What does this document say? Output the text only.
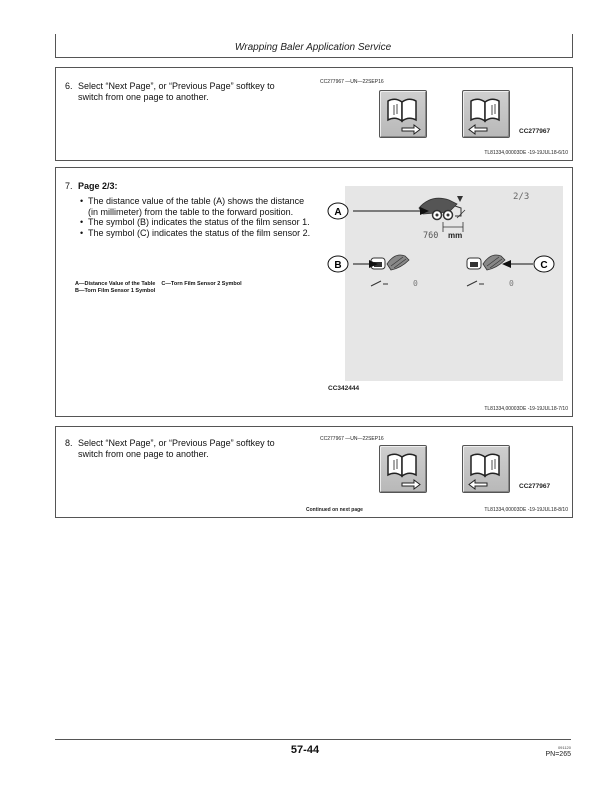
Wrapping Baler Application Service
6. Select “Next Page”, or “Previous Page” softkey to
switch from one page to another.
CC277967 —UN—22SEP16
CC277967
TL81334,00003DE -19-19JUL18-6/10
7. Page 2/3:
• The distance value of the table (A) shows the distance (in millimeter) from the table to the forward position.
• The symbol (B) indicates the status of the film sensor 1.
• The symbol (C) indicates the status of the film sensor 2.
A—Distance Value of the Table C—Torn Film Sensor 2 Symbol
B—Torn Film Sensor 1 Symbol
CC342444
TL81334,00003DE -19-19JUL18-7/10
2/3
760 mm
0	0
A
B	C
8. Select “Next Page”, or “Previous Page” softkey to
switch from one page to another.
CC277967 —UN—22SEP16
CC277967
Continued on next page	TL81334,00003DE -19-19JUL18-8/10
57-44	091120
PN=265
